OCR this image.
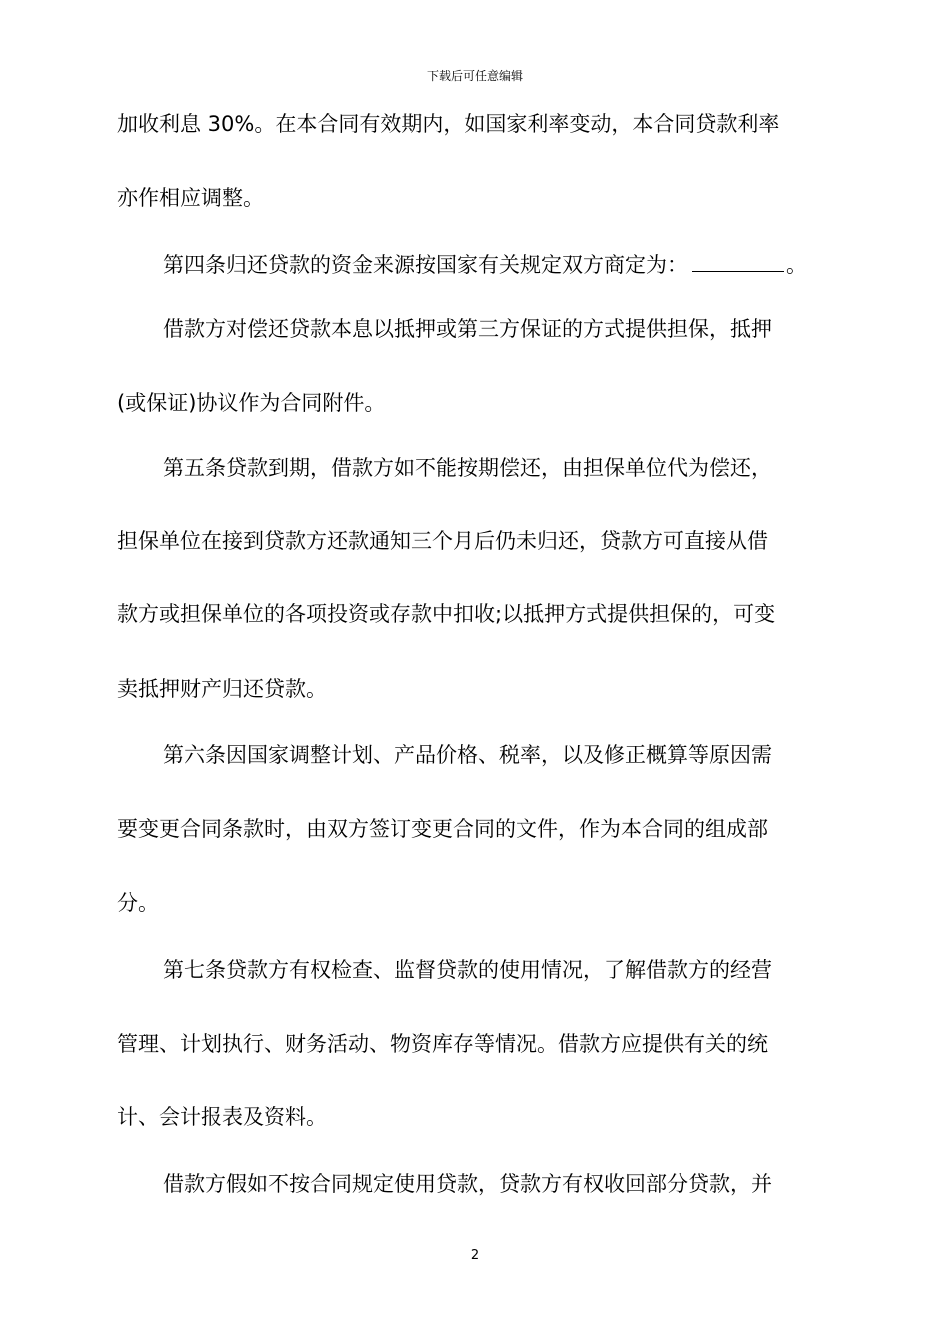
下载后可任意编辑
加收利息 30%。在本合同有效期内，如国家利率变动，本合同贷款利率
亦作相应调整。
第四条归还贷款的资金来源按国家有关规定双方商定为：	。
借款方对偿还贷款本息以抵押或第三方保证的方式提供担保，抵押
(或保证)协议作为合同附件。
第五条贷款到期，借款方如不能按期偿还，由担保单位代为偿还，
担保单位在接到贷款方还款通知三个月后仍未归还，贷款方可直接从借
款方或担保单位的各项投资或存款中扣收;以抵押方式提供担保的，可变
卖抵押财产归还贷款。
第六条因国家调整计划、产品价格、税率，以及修正概算等原因需
要变更合同条款时，由双方签订变更合同的文件，作为本合同的组成部
分。
第七条贷款方有权检查、监督贷款的使用情况，了解借款方的经营
管理、计划执行、财务活动、物资库存等情况。借款方应提供有关的统
计、会计报表及资料。
借款方假如不按合同规定使用贷款，贷款方有权收回部分贷款，并
2
